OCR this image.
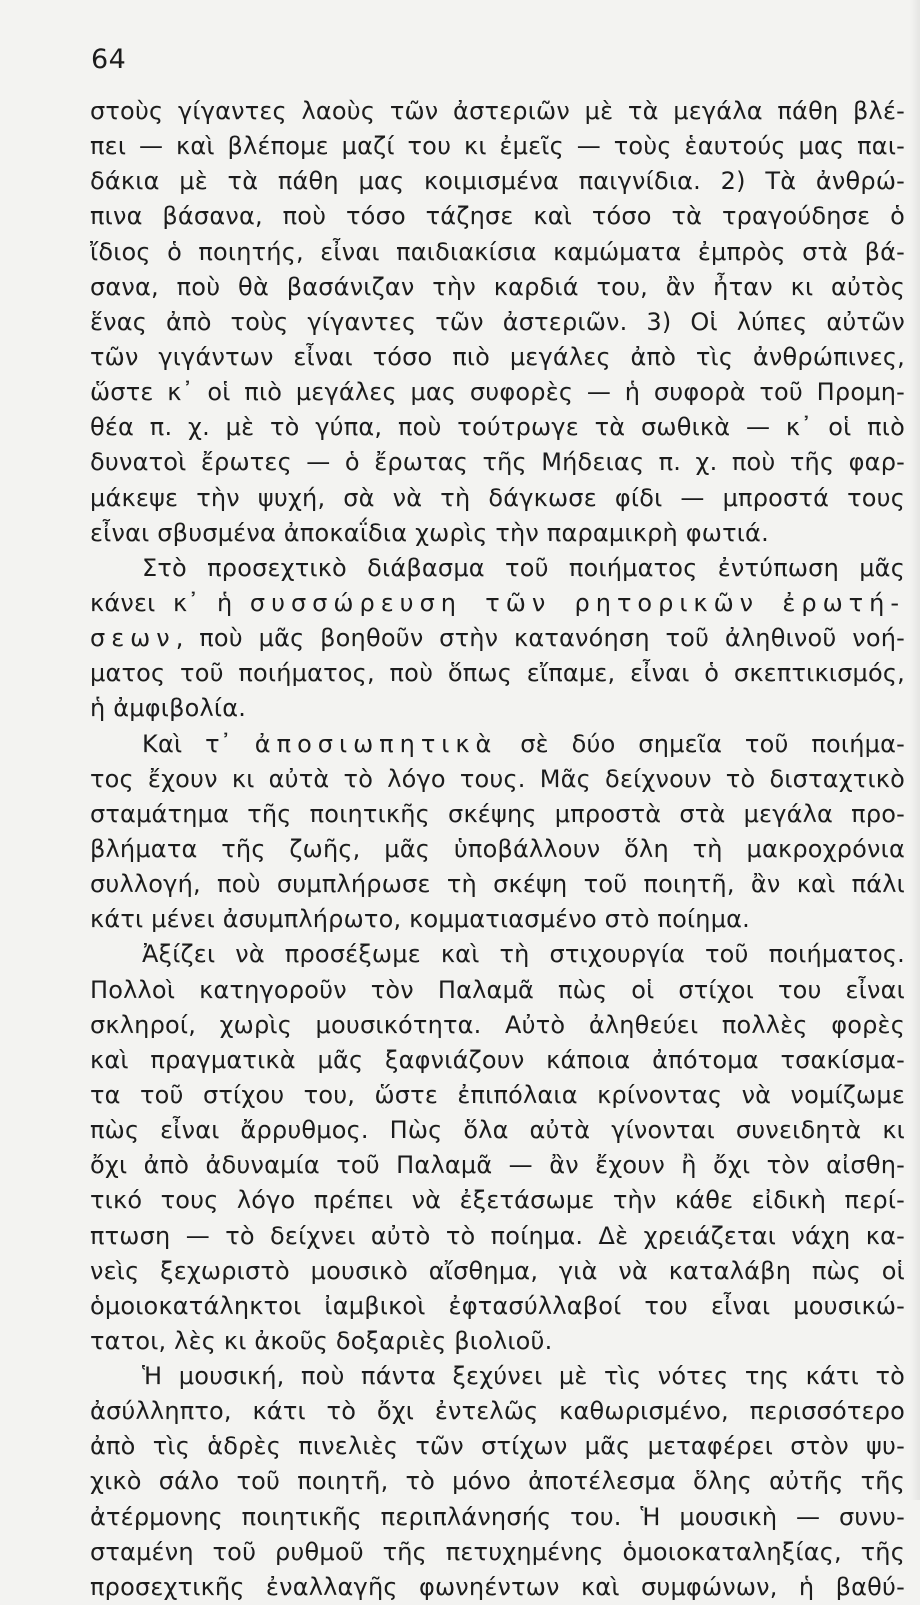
64
στοὺς γίγαντες λαοὺς τῶν ἀστεριῶν μὲ τὰ μεγάλα πάθη βλέ-
πει — καὶ βλέπομε μαζί του κι ἐμεῖς — τοὺς ἑαυτούς μας παι-
δάκια μὲ τὰ πάθη μας κοιμισμένα παιγνίδια. 2) Τὰ ἀνθρώ-
πινα βάσανα, ποὺ τόσο τάζησε καὶ τόσο τὰ τραγούδησε ὁ
ἴδιος ὁ ποιητής, εἶναι παιδιακίσια καμώματα ἐμπρὸς στὰ βά-
σανα, ποὺ θὰ βασάνιζαν τὴν καρδιά του, ἂν ἦταν κι αὐτὸς
ἕνας ἀπὸ τοὺς γίγαντες τῶν ἀστεριῶν. 3) Οἱ λύπες αὐτῶν
τῶν γιγάντων εἶναι τόσο πιὸ μεγάλες ἀπὸ τὶς ἀνθρώπινες,
ὥστε κ᾽ οἱ πιὸ μεγάλες μας συφορὲς — ἡ συφορὰ τοῦ Προμη-
θέα π. χ. μὲ τὸ γύπα, ποὺ τούτρωγε τὰ σωθικὰ — κ᾽ οἱ πιὸ
δυνατοὶ ἔρωτες — ὁ ἔρωτας τῆς Μήδειας π. χ. ποὺ τῆς φαρ-
μάκεψε τὴν ψυχή, σὰ νὰ τὴ δάγκωσε φίδι — μπροστά τους
εἶναι σβυσμένα ἀποκαΐδια χωρὶς τὴν παραμικρὴ φωτιά.
Στὸ προσεχτικὸ διάβασμα τοῦ ποιήματος ἐντύπωση μᾶς
κάνει κ᾽ ἡ συσσώρευση τῶν ρητορικῶν ἐρωτή-
σεων, ποὺ μᾶς βοηθοῦν στὴν κατανόηση τοῦ ἀληθινοῦ νοή-
ματος τοῦ ποιήματος, ποὺ ὅπως εἴπαμε, εἶναι ὁ σκεπτικισμός,
ἡ ἀμφιβολία.
Καὶ τ᾽ ἀποσιωπητικὰ σὲ δύο σημεῖα τοῦ ποιήμα-
τος ἔχουν κι αὐτὰ τὸ λόγο τους. Μᾶς δείχνουν τὸ δισταχτικὸ
σταμάτημα τῆς ποιητικῆς σκέψης μπροστὰ στὰ μεγάλα προ-
βλήματα τῆς ζωῆς, μᾶς ὑποβάλλουν ὅλη τὴ μακροχρόνια
συλλογή, ποὺ συμπλήρωσε τὴ σκέψη τοῦ ποιητῆ, ἂν καὶ πάλι
κάτι μένει ἀσυμπλήρωτο, κομματιασμένο στὸ ποίημα.
Ἀξίζει νὰ προσέξωμε καὶ τὴ στιχουργία τοῦ ποιήματος.
Πολλοὶ κατηγοροῦν τὸν Παλαμᾶ πὼς οἱ στίχοι του εἶναι
σκληροί, χωρὶς μουσικότητα. Αὐτὸ ἀληθεύει πολλὲς φορὲς
καὶ πραγματικὰ μᾶς ξαφνιάζουν κάποια ἀπότομα τσακίσμα-
τα τοῦ στίχου του, ὥστε ἐπιπόλαια κρίνοντας νὰ νομίζωμε
πὼς εἶναι ἄρρυθμος. Πὼς ὅλα αὐτὰ γίνονται συνειδητὰ κι
ὄχι ἀπὸ ἀδυναμία τοῦ Παλαμᾶ — ἂν ἔχουν ἢ ὄχι τὸν αἰσθη-
τικό τους λόγο πρέπει νὰ ἐξετάσωμε τὴν κάθε εἰδικὴ περί-
πτωση — τὸ δείχνει αὐτὸ τὸ ποίημα. Δὲ χρειάζεται νάχη κα-
νεὶς ξεχωριστὸ μουσικὸ αἴσθημα, γιὰ νὰ καταλάβη πὼς οἱ
ὁμοιοκατάληκτοι ἰαμβικοὶ ἐφτασύλλαβοί του εἶναι μουσικώ-
τατοι, λὲς κι ἀκοῦς δοξαριὲς βιολιοῦ.
Ἡ μουσική, ποὺ πάντα ξεχύνει μὲ τὶς νότες της κάτι τὸ
ἀσύλληπτο, κάτι τὸ ὄχι ἐντελῶς καθωρισμένο, περισσότερο
ἀπὸ τὶς ἁδρὲς πινελιὲς τῶν στίχων μᾶς μεταφέρει στὸν ψυ-
χικὸ σάλο τοῦ ποιητῆ, τὸ μόνο ἀποτέλεσμα ὅλης αὐτῆς τῆς
ἀτέρμονης ποιητικῆς περιπλάνησής του. Ἡ μουσικὴ — συνυ-
σταμένη τοῦ ρυθμοῦ τῆς πετυχημένης ὁμοιοκαταληξίας, τῆς
προσεχτικῆς ἐναλλαγῆς φωνηέντων καὶ συμφώνων, ἡ βαθύ-
